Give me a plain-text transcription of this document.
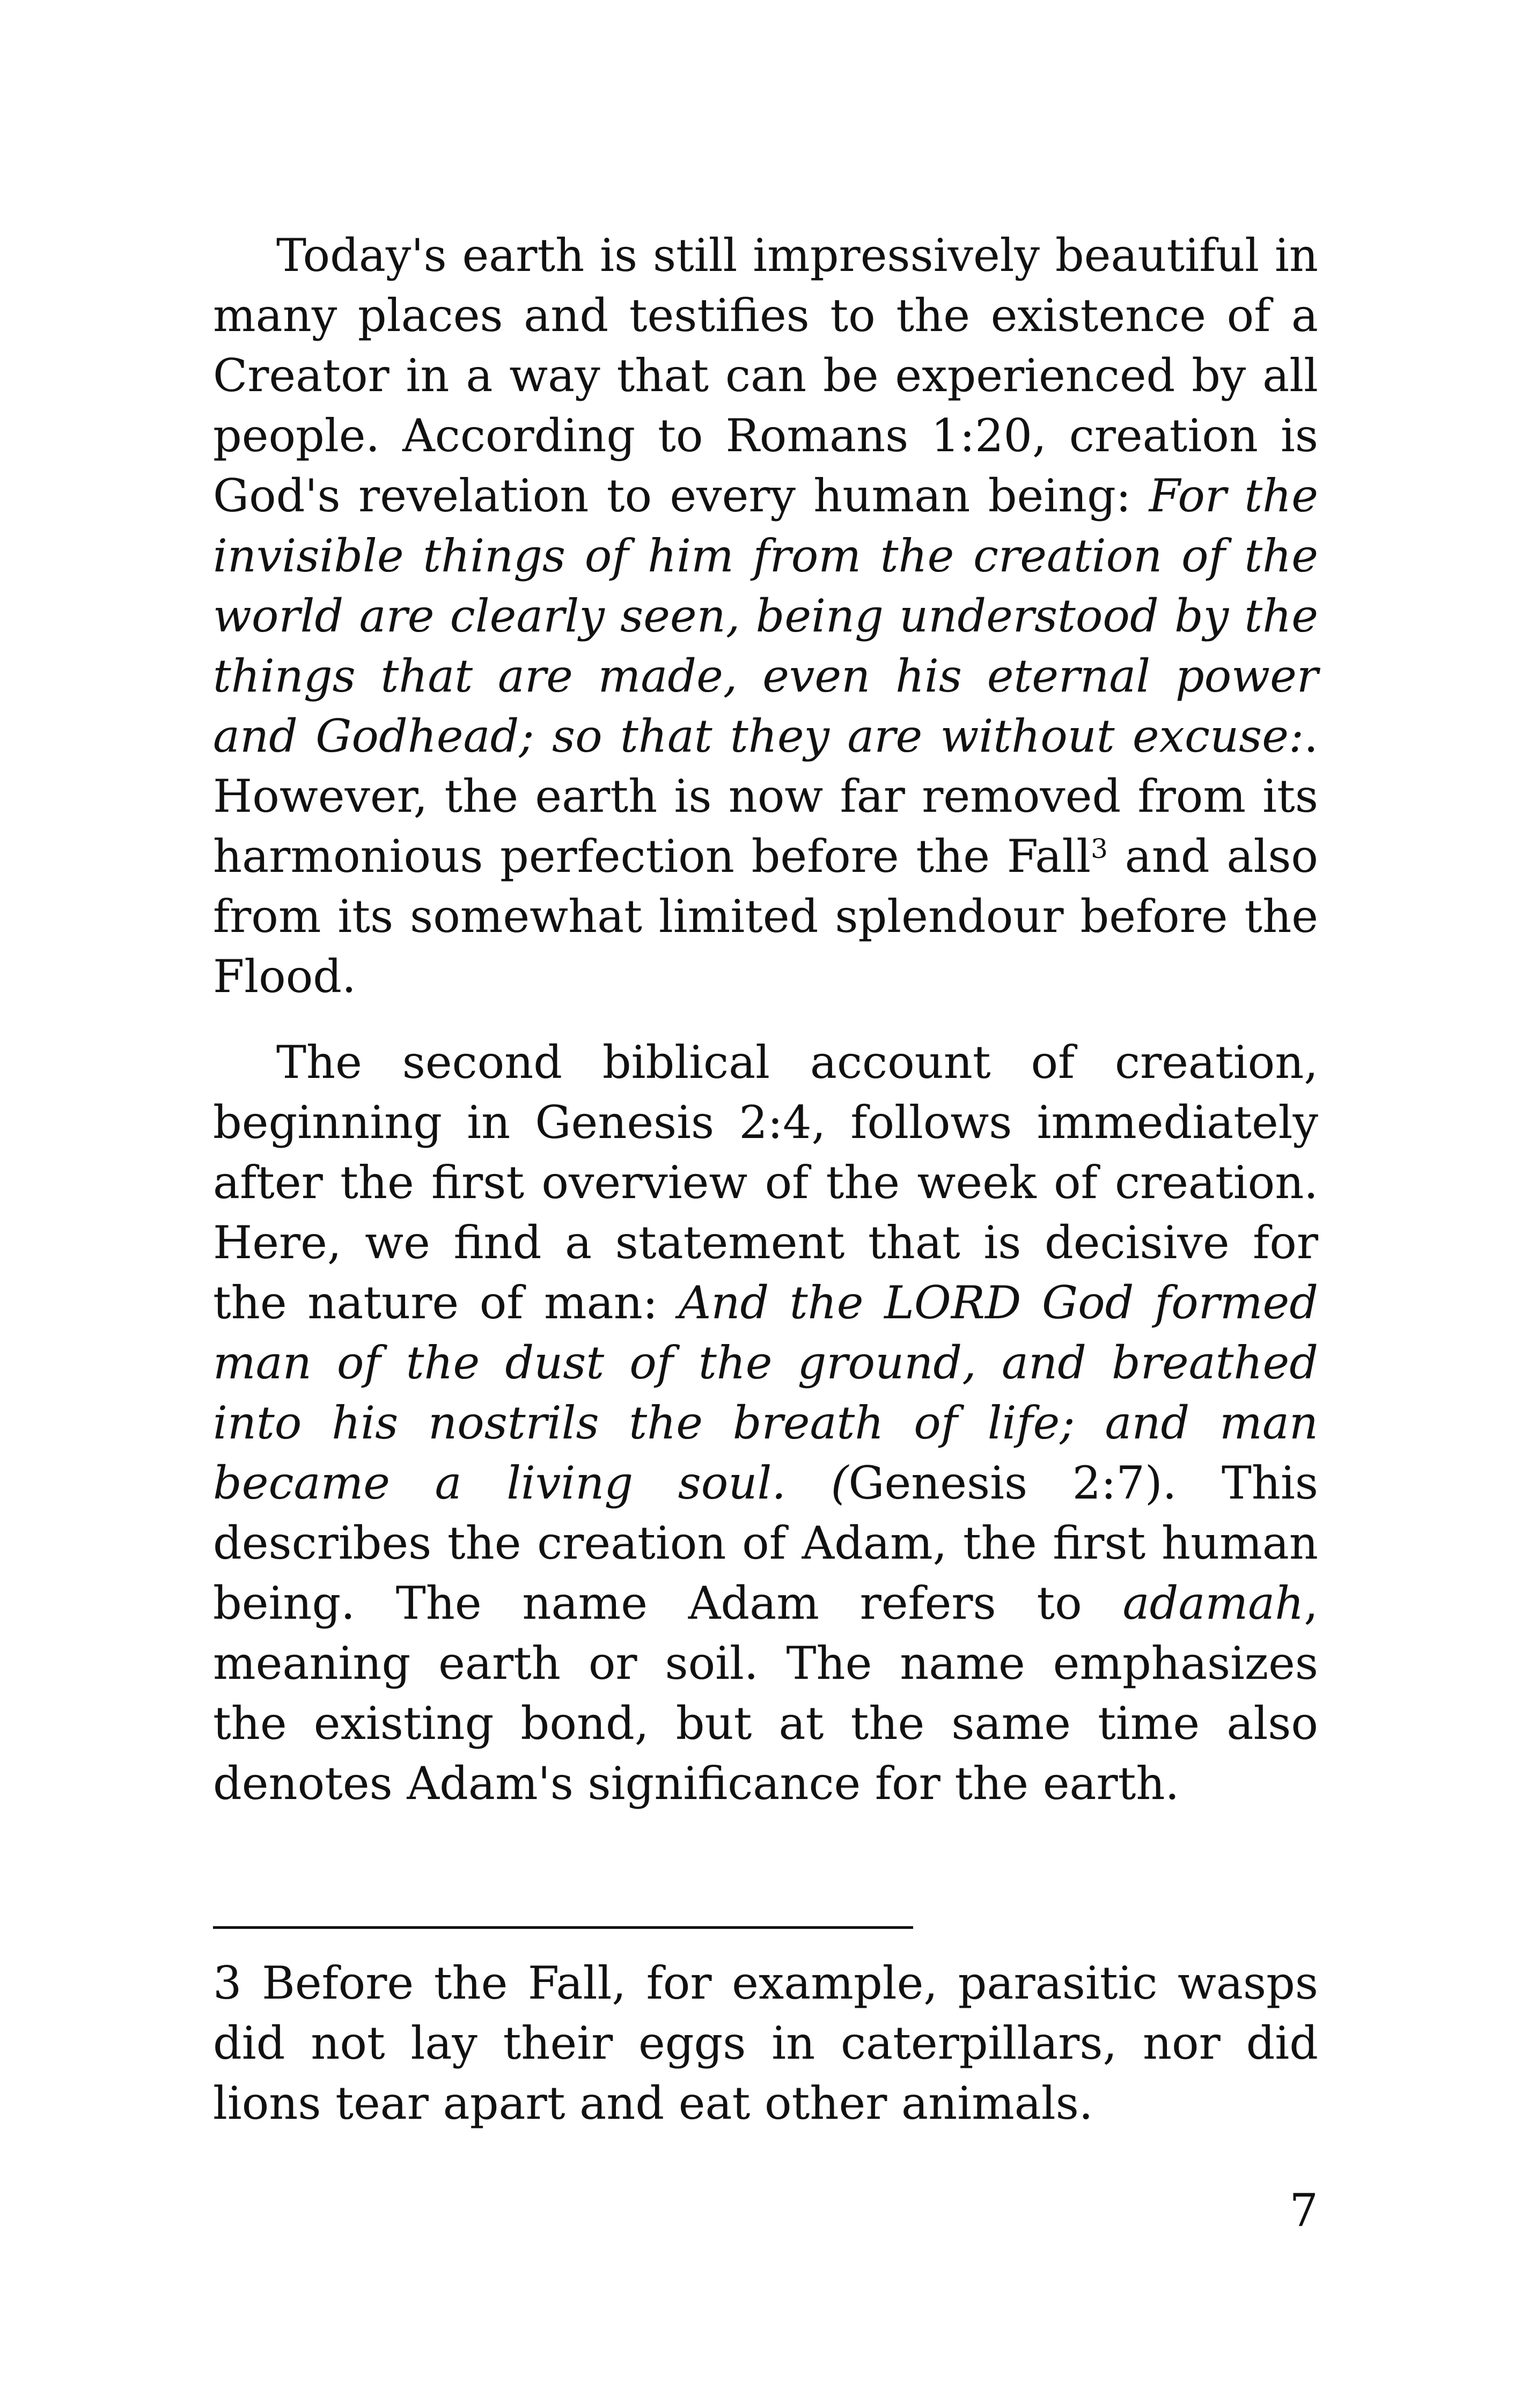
Today's earth is still impressively beautiful in many places and testifies to the existence of a Creator in a way that can be experienced by all people. According to Romans 1:20, creation is God's revelation to every human being: For the invisible things of him from the creation of the world are clearly seen, being understood by the things that are made, even his eternal power and Godhead; so that they are without excuse:. However, the earth is now far removed from its harmonious perfection before the Fall$^3$ and also from its somewhat limited splendour before the Flood.

The second biblical account of creation, beginning in Genesis 2:4, follows immediately after the first overview of the week of creation. Here, we find a statement that is decisive for the nature of man: And the LORD God formed man of the dust of the ground, and breathed into his nostrils the breath of life; and man became a living soul. (Genesis 2:7). This describes the creation of Adam, the first human being. The name Adam refers to adamah, meaning earth or soil. The name emphasizes the existing bond, but at the same time also denotes Adam's significance for the earth.

3 Before the Fall, for example, parasitic wasps did not lay their eggs in caterpillars, nor did lions tear apart and eat other animals.

7
